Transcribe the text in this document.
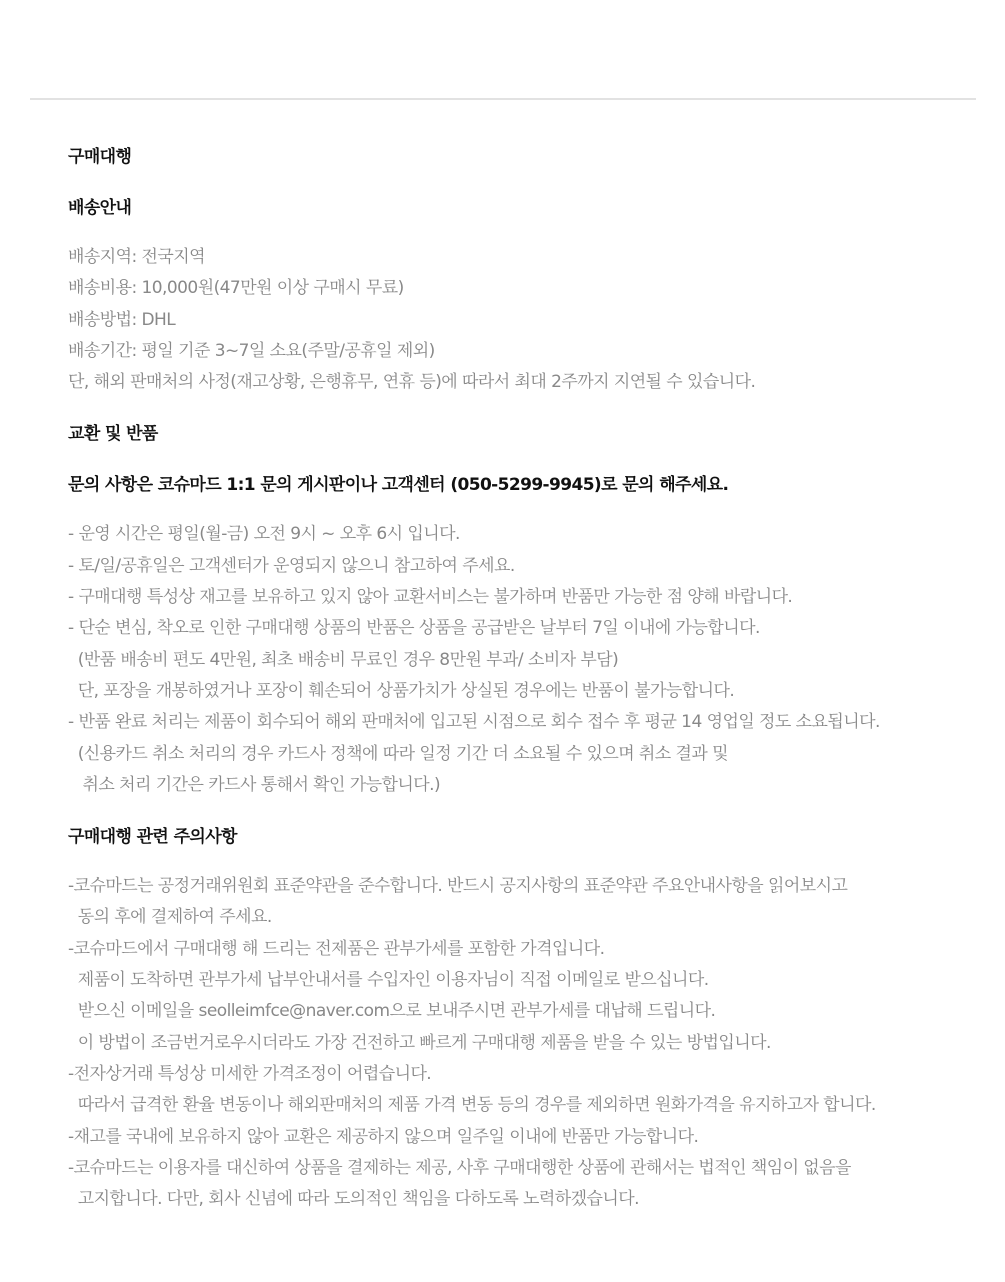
구매대행
배송안내
배송지역: 전국지역
배송비용: 10,000원(47만원 이상 구매시 무료)
배송방법: DHL
배송기간: 평일 기준 3~7일 소요(주말/공휴일 제외)
단, 해외 판매처의 사정(재고상황, 은행휴무, 연휴 등)에 따라서 최대 2주까지 지연될 수 있습니다.
교환 및 반품
문의 사항은 코슈마드 1:1 문의 게시판이나 고객센터 (050-5299-9945)로 문의 해주세요.
- 운영 시간은 평일(월-금) 오전 9시 ~ 오후 6시 입니다.
- 토/일/공휴일은 고객센터가 운영되지 않으니 참고하여 주세요.
- 구매대행 특성상 재고를 보유하고 있지 않아 교환서비스는 불가하며 반품만 가능한 점 양해 바랍니다.
- 단순 변심, 착오로 인한 구매대행 상품의 반품은 상품을 공급받은 날부터 7일 이내에 가능합니다.
(반품 배송비 편도 4만원, 최초 배송비 무료인 경우 8만원 부과/ 소비자 부담)
단, 포장을 개봉하였거나 포장이 훼손되어 상품가치가 상실된 경우에는 반품이 불가능합니다.
- 반품 완료 처리는 제품이 회수되어 해외 판매처에 입고된 시점으로 회수 접수 후 평균 14 영업일 정도 소요됩니다.
(신용카드 취소 처리의 경우 카드사 정책에 따라 일정 기간 더 소요될 수 있으며 취소 결과 및
취소 처리 기간은 카드사 통해서 확인 가능합니다.)
구매대행 관련 주의사항
-코슈마드는 공정거래위원회 표준약관을 준수합니다. 반드시 공지사항의 표준약관 주요안내사항을 읽어보시고
동의 후에 결제하여 주세요.
-코슈마드에서 구매대행 해 드리는 전제품은 관부가세를 포함한 가격입니다.
제품이 도착하면 관부가세 납부안내서를 수입자인 이용자님이 직접 이메일로 받으십니다.
받으신 이메일을 seolleimfce@naver.com으로 보내주시면 관부가세를 대납해 드립니다.
이 방법이 조금번거로우시더라도 가장 건전하고 빠르게 구매대행 제품을 받을 수 있는 방법입니다.
-전자상거래 특성상 미세한 가격조정이 어렵습니다.
따라서 급격한 환율 변동이나 해외판매처의 제품 가격 변동 등의 경우를 제외하면 원화가격을 유지하고자 합니다.
-재고를 국내에 보유하지 않아 교환은 제공하지 않으며 일주일 이내에 반품만 가능합니다.
-코슈마드는 이용자를 대신하여 상품을 결제하는 제공, 사후 구매대행한 상품에 관해서는 법적인 책임이 없음을
고지합니다. 다만, 회사 신념에 따라 도의적인 책임을 다하도록 노력하겠습니다.
